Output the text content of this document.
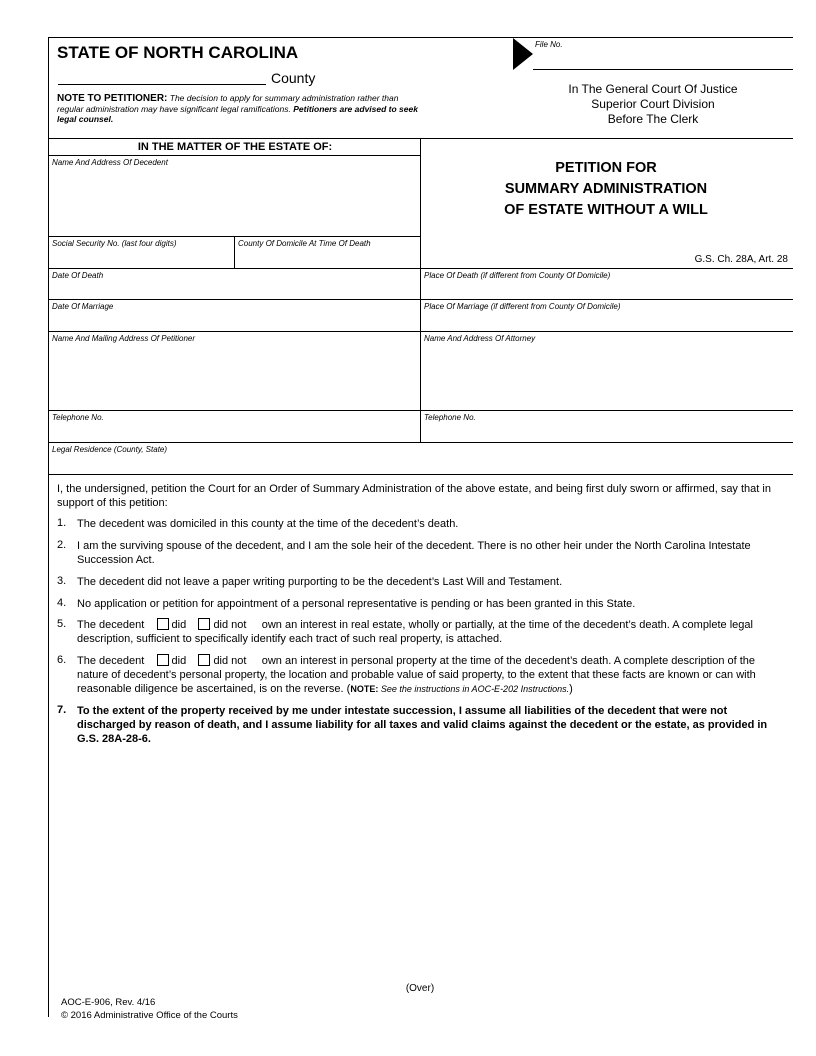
STATE OF NORTH CAROLINA
County
NOTE TO PETITIONER: The decision to apply for summary administration rather than regular administration may have significant legal ramifications. Petitioners are advised to seek legal counsel.
File No.
In The General Court Of Justice
Superior Court Division
Before The Clerk
PETITION FOR
SUMMARY ADMINISTRATION
OF ESTATE WITHOUT A WILL
G.S. Ch. 28A, Art. 28
IN THE MATTER OF THE ESTATE OF:
Name And Address Of Decedent
Social Security No. (last four digits)	County Of Domicile At Time Of Death
Date Of Death	Place Of Death (if different from County Of Domicile)
Date Of Marriage	Place Of Marriage (if different from County Of Domicile)
Name And Mailing Address Of Petitioner	Name And Address Of Attorney
Telephone No.	Telephone No.
Legal Residence (County, State)
I, the undersigned, petition the Court for an Order of Summary Administration of the above estate, and being first duly sworn or affirmed, say that in support of this petition:
1. The decedent was domiciled in this county at the time of the decedent’s death.
2. I am the surviving spouse of the decedent, and I am the sole heir of the decedent. There is no other heir under the North Carolina Intestate Succession Act.
3. The decedent did not leave a paper writing purporting to be the decedent’s Last Will and Testament.
4. No application or petition for appointment of a personal representative is pending or has been granted in this State.
5. The decedent did did not own an interest in real estate, wholly or partially, at the time of the decedent’s death. A complete legal description, sufficient to specifically identify each tract of such real property, is attached.
6. The decedent did did not own an interest in personal property at the time of the decedent’s death. A complete description of the nature of decedent’s personal property, the location and probable value of said property, to the extent that these facts are known or can with reasonable diligence be ascertained, is on the reverse. (NOTE: See the instructions in AOC-E-202 Instructions.)
7. To the extent of the property received by me under intestate succession, I assume all liabilities of the decedent that were not discharged by reason of death, and I assume liability for all taxes and valid claims against the decedent or the estate, as provided in G.S. 28A-28-6.
(Over)
AOC-E-906, Rev. 4/16
© 2016 Administrative Office of the Courts
